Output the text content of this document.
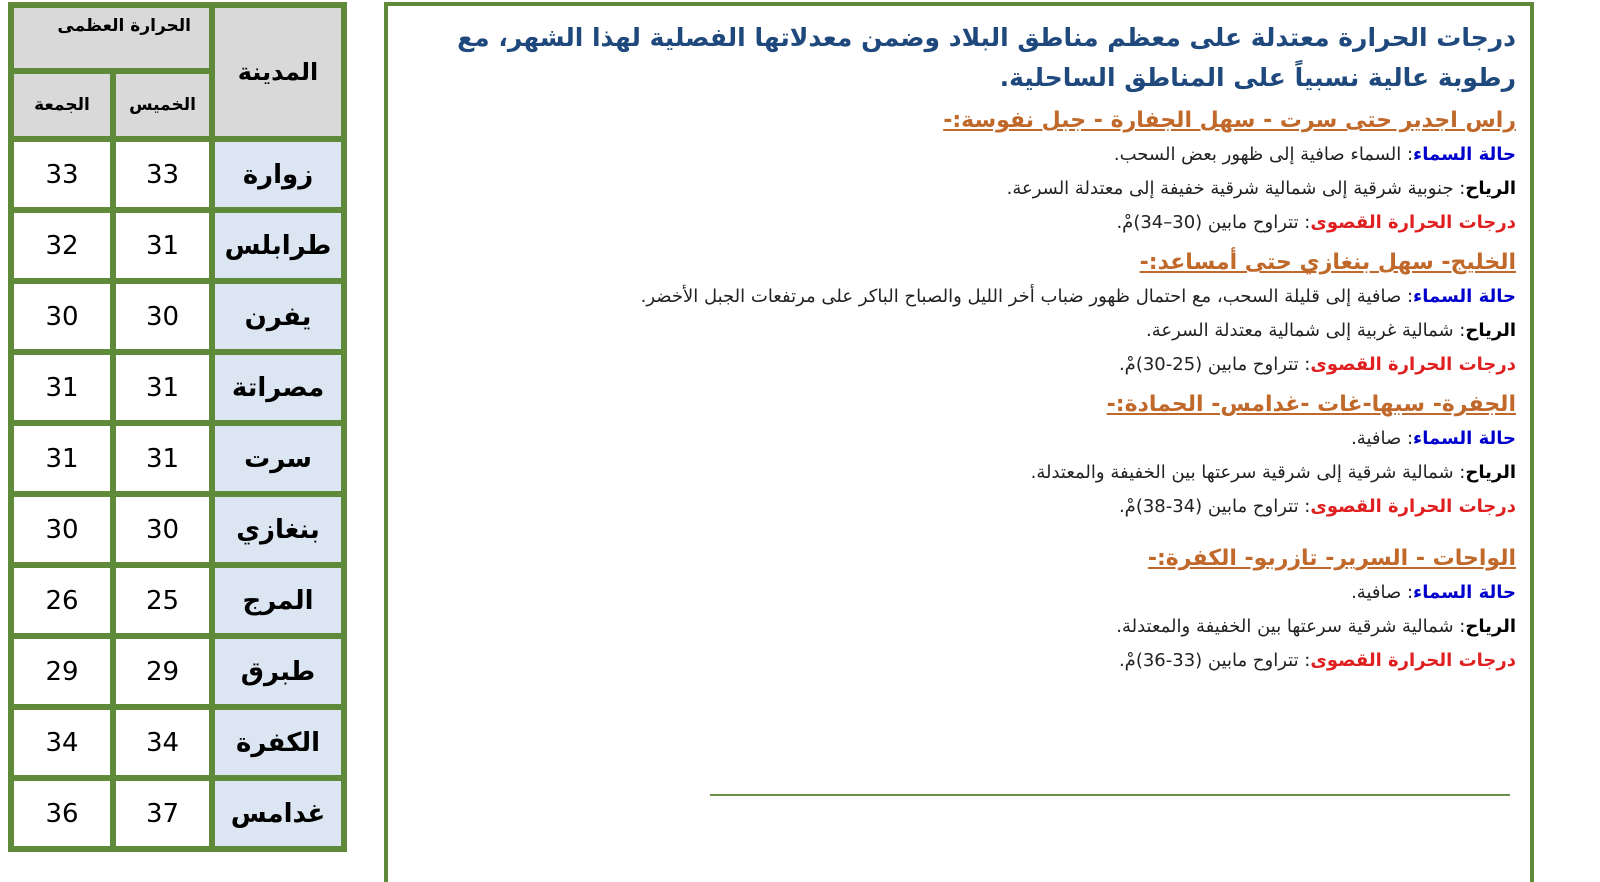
الحرارة العظمى		المدينة
الجمعة	الخميس	
33	33	زوارة
32	31	طرابلس
30	30	يفرن
31	31	مصراتة
31	31	سرت
30	30	بنغازي
26	25	المرج
29	29	طبرق
34	34	الكفرة
36	37	غدامس
درجات الحرارة معتدلة على معظم مناطق البلاد وضمن معدلاتها الفصلية لهذا الشهر، مع رطوبة عالية نسبياً على المناطق الساحلية.
راس اجدير حتى سرت - سهل الجفارة - جبل نفوسة:-
حالة السماء: السماء صافية إلى ظهور بعض السحب.
الرياح: جنوبية شرقية إلى شمالية شرقية خفيفة إلى معتدلة السرعة.
درجات الحرارة القصوى: تتراوح مابين (30–34)مْ.
الخليج- سهل بنغازي حتى أمساعد:-
حالة السماء: صافية إلى قليلة السحب، مع احتمال ظهور ضباب أخر الليل والصباح الباكر على مرتفعات الجبل الأخضر.
الرياح: شمالية غربية إلى شمالية معتدلة السرعة.
درجات الحرارة القصوى: تتراوح مابين (25-30)مْ.
الجفرة- سبها-غات -غدامس- الحمادة:-
حالة السماء: صافية.
الرياح: شمالية شرقية إلى شرقية سرعتها بين الخفيفة والمعتدلة.
درجات الحرارة القصوى: تتراوح مابين (34-38)مْ.
الواحات - السرير- تازربو- الكفرة:-
حالة السماء: صافية.
الرياح: شمالية شرقية سرعتها بين الخفيفة والمعتدلة.
درجات الحرارة القصوى: تتراوح مابين (33-36)مْ.
